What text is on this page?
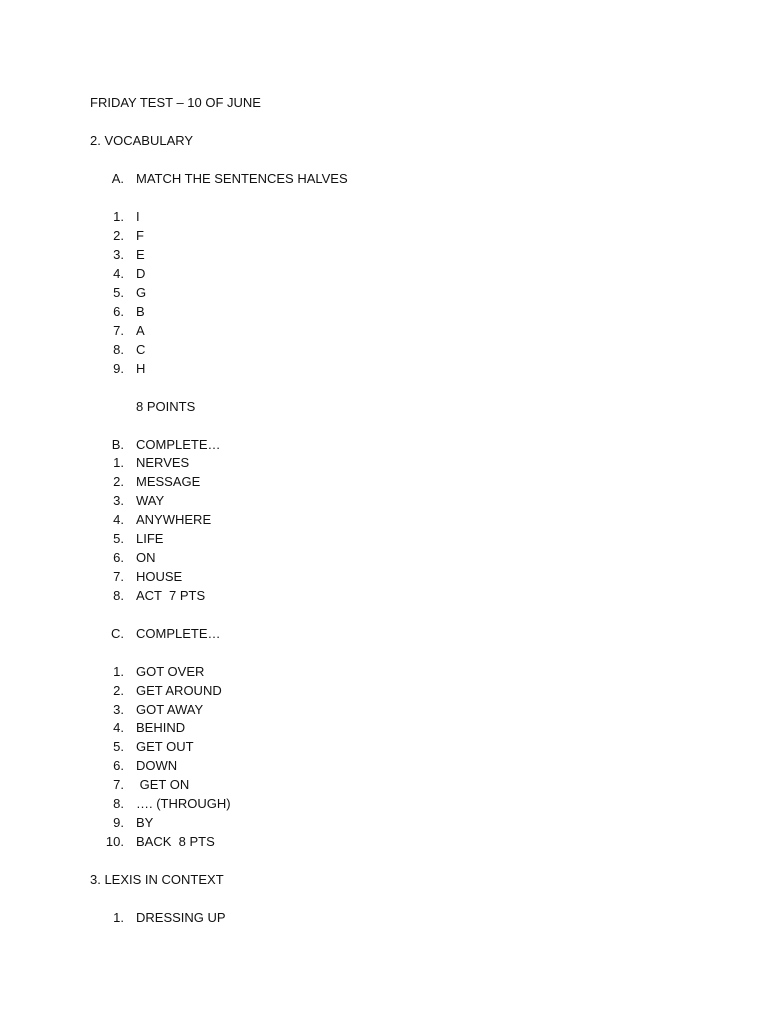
FRIDAY TEST – 10 OF JUNE
2. VOCABULARY
A. MATCH THE SENTENCES HALVES
1. I
2. F
3. E
4. D
5. G
6. B
7. A
8. C
9. H
8 POINTS
B. COMPLETE…
1. NERVES
2. MESSAGE
3. WAY
4. ANYWHERE
5. LIFE
6. ON
7. HOUSE
8. ACT  7 PTS
C. COMPLETE…
1. GOT OVER
2. GET AROUND
3. GOT AWAY
4. BEHIND
5. GET OUT
6. DOWN
7. GET ON
8. …. (THROUGH)
9. BY
10. BACK  8 PTS
3. LEXIS IN CONTEXT
1. DRESSING UP
